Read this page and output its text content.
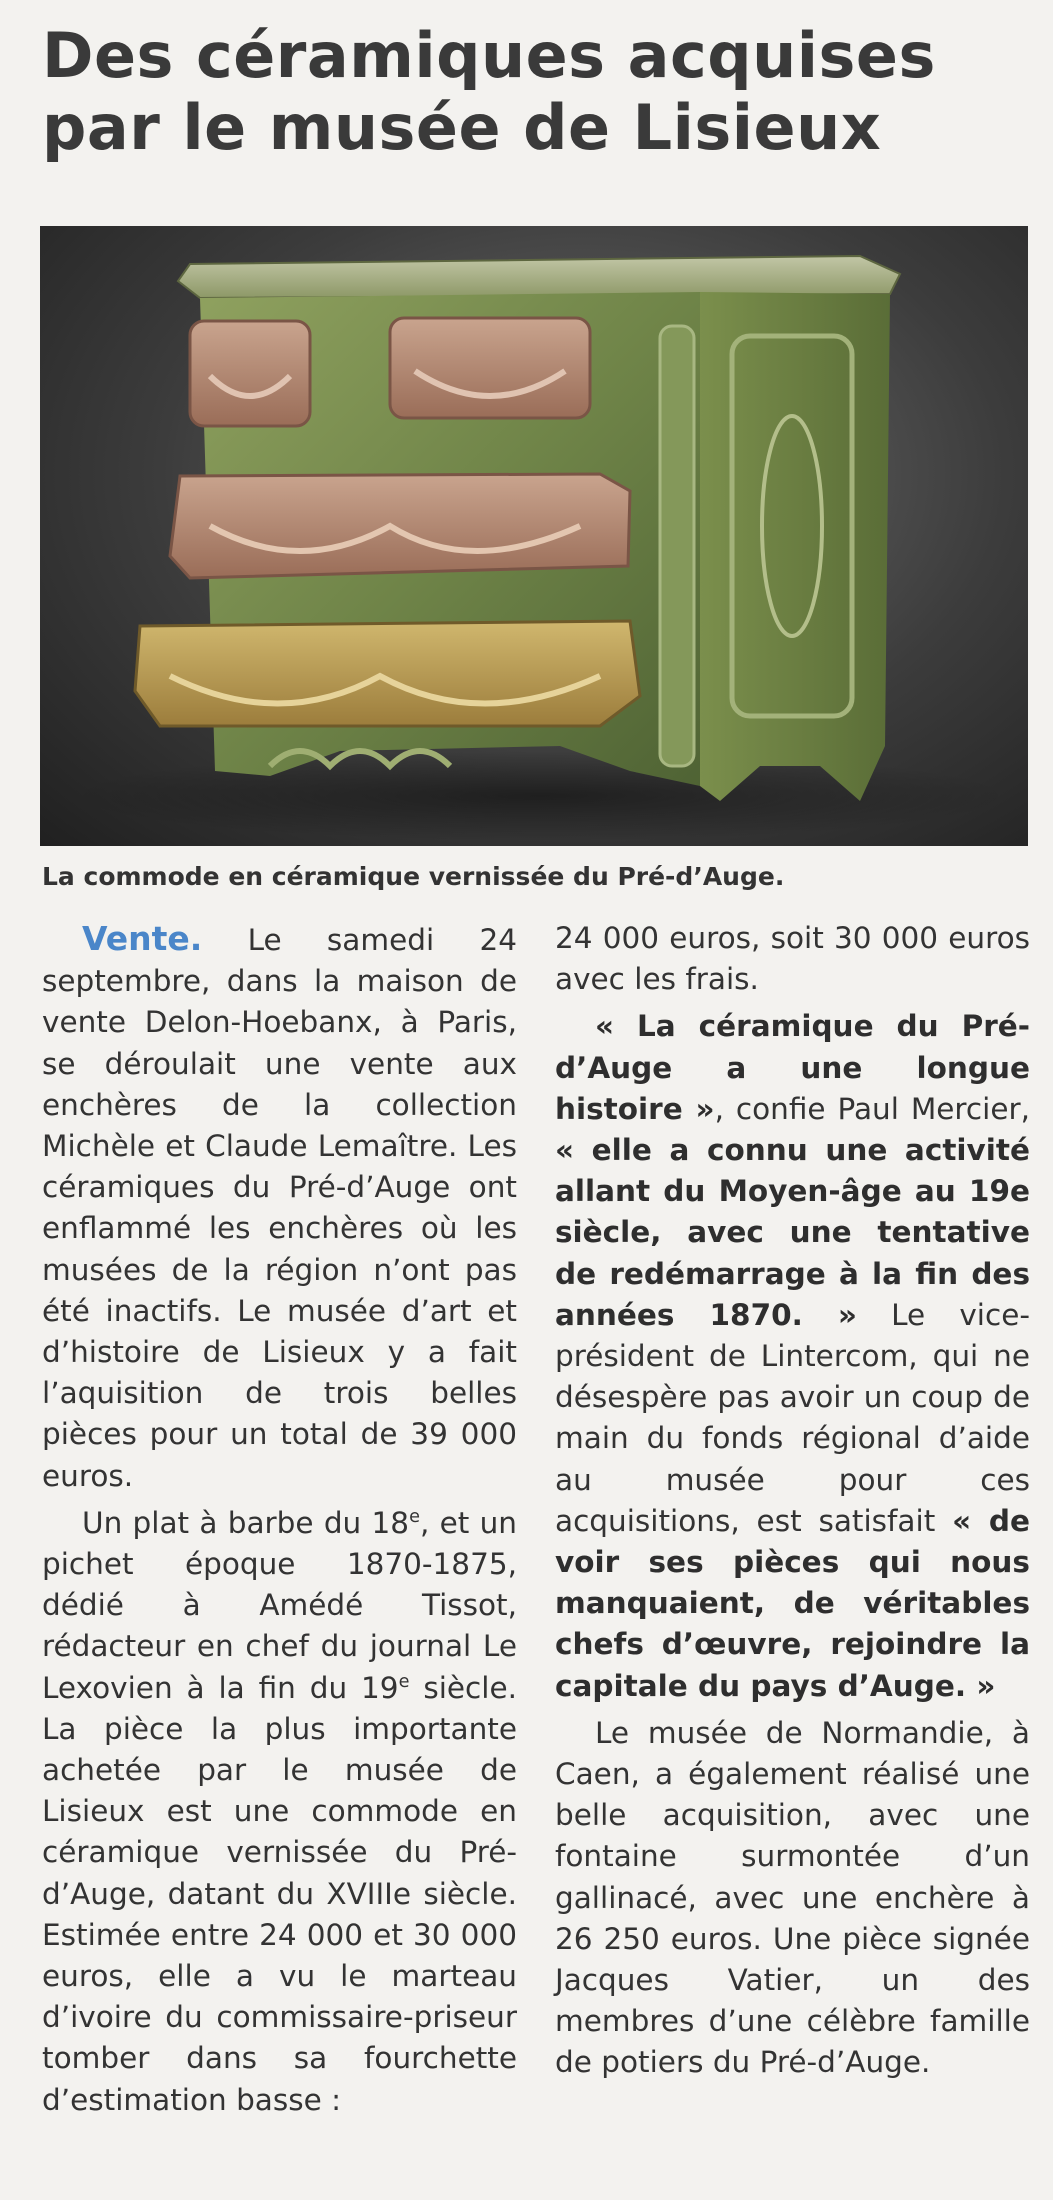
Des céramiques acquises par le musée de Lisieux
La commode en céramique vernissée du Pré-d’Auge.

Vente. Le samedi 24 septembre, dans la maison de vente Delon-Hoebanx, à Paris, se déroulait une vente aux enchères de la collection Michèle et Claude Lemaître. Les céramiques du Pré-d’Auge ont enflammé les enchères où les musées de la région n’ont pas été inactifs. Le musée d’art et d’histoire de Lisieux y a fait l’aquisition de trois belles pièces pour un total de 39 000 euros.

Un plat à barbe du 18e, et un pichet époque 1870-1875, dédié à Amédé Tissot, rédacteur en chef du journal Le Lexovien à la fin du 19e siècle. La pièce la plus importante achetée par le musée de Lisieux est une commode en céramique vernissée du Pré-d’Auge, datant du XVIIIe siècle. Estimée entre 24 000 et 30 000 euros, elle a vu le marteau d’ivoire du commissaire-priseur tomber dans sa fourchette d’estimation basse :

24 000 euros, soit 30 000 euros avec les frais.

« La céramique du Pré-d’Auge a une longue histoire », confie Paul Mercier, « elle a connu une activité allant du Moyen-âge au 19e siècle, avec une tentative de redémarrage à la fin des années 1870. » Le vice-président de Lintercom, qui ne désespère pas avoir un coup de main du fonds régional d’aide au musée pour ces acquisitions, est satisfait « de voir ses pièces qui nous manquaient, de véritables chefs d’œuvre, rejoindre la capitale du pays d’Auge. »

Le musée de Normandie, à Caen, a également réalisé une belle acquisition, avec une fontaine surmontée d’un gallinacé, avec une enchère à 26 250 euros. Une pièce signée Jacques Vatier, un des membres d’une célèbre famille de potiers du Pré-d’Auge.
